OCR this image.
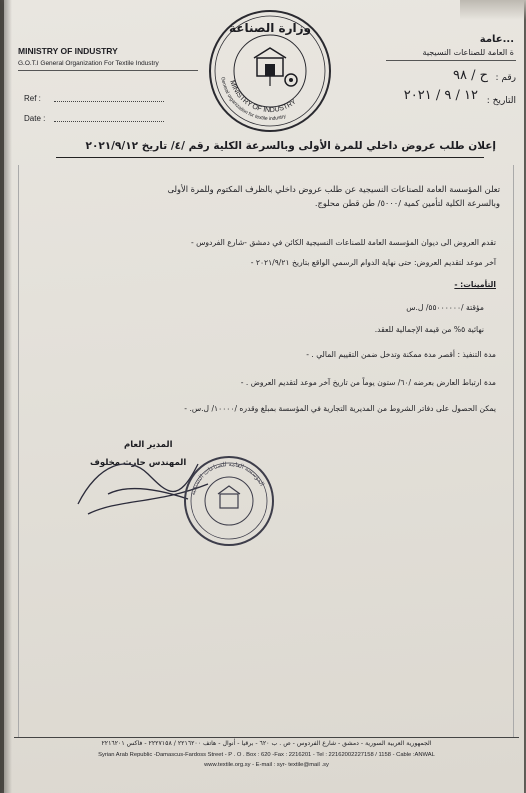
MINISTRY OF INDUSTRY
G.O.T.I General Organization For Textile Industry
...عامة
ة العامة للصناعات النسيجية
Ref :
Date :
رقم :
ح / ٩٨
التاريخ :
١٢ / ٩ / ٢٠٢١
وزارة الصناعة
MINISTRY OF INDUSTRY
General organization for textile industry
إعلان طلب عروض داخلي للمرة الأولى وبالسرعة الكلية رقم /٤/ تاريخ ٢٠٢١/٩/١٢
تعلن المؤسسة العامة للصناعات النسيجية عن طلب عروض داخلي بالظرف المكتوم وللمرة الأولى
وبالسرعة الكلية لتأمين كمية /٥٠٠٠/ طن قطن محلوج.
تقدم العروض الى ديوان المؤسسة العامة للصناعات النسيجية الكائن في دمشق -شارع الفردوس -
آخر موعد لتقديم العروض: حتى نهاية الدوام الرسمي الواقع بتاريخ ٢٠٢١/٩/٢١ -
التأمينات: -
مؤقتة /٥٥٠٠٠٠٠٠/ ل.س
نهائية ٥% من قيمة الإجمالية للعقد.
مدة التنفيذ : أقصر مدة ممكنة وتدخل ضمن التقييم المالي . -
مدة ارتباط العارض بعرضه /٦٠/ ستون يوماً من تاريخ آخر موعد لتقديم العروض . -
يمكن الحصول على دفاتر الشروط من المديرية التجارية في المؤسسة بمبلغ وقدره /١٠٠٠٠/ ل.س. -
المدير العام
المهندس حارث مخلوف
المؤسسة العامة للصناعات النسيجية
الجمهورية العربية السورية - دمشق - شارع الفردوس - ص . ب ٦٢٠ - برقيا - أنوال - هاتف ٢٢١٦٢٠٠ / ٢٢٢٧١٥٨ - فاكس ٢٢١٦٢٠١
Syrian Arab Republic -Damascus-Fardoss Street - P . O . Box : 620 -Fax : 2216201 - Tel : 22162002227158 / 1158 - Cable :ANWAL
www.textile.org.sy - E-mail : syr- textile@mail .sy
